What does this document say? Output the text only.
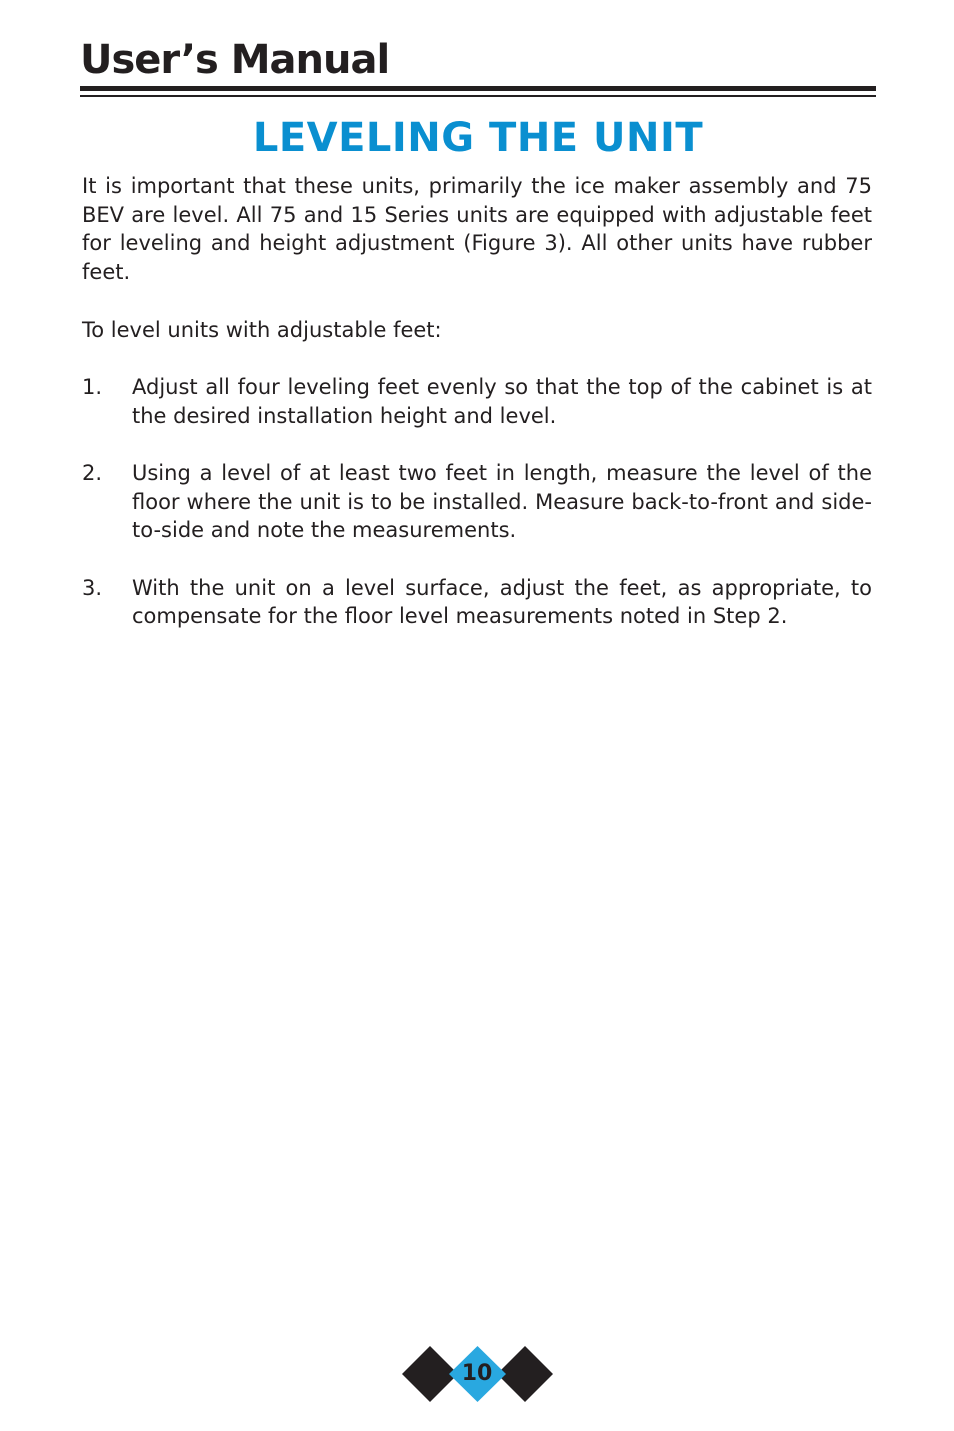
User’s Manual
LEVELING THE UNIT

It is important that these units, primarily the ice maker assembly and 75 BEV are level. All 75 and 15 Series units are equipped with adjustable feet for leveling and height adjustment (Figure 3). All other units have rubber feet.

To level units with adjustable feet:

1.	Adjust all four leveling feet evenly so that the top of the cabinet is at the desired installation height and level.
2.	Using a level of at least two feet in length, measure the level of the floor where the unit is to be installed. Measure back-to-front and side-to-side and note the measurements.
3.	With the unit on a level surface, adjust the feet, as appropriate, to compensate for the floor level measurements noted in Step 2.
10
